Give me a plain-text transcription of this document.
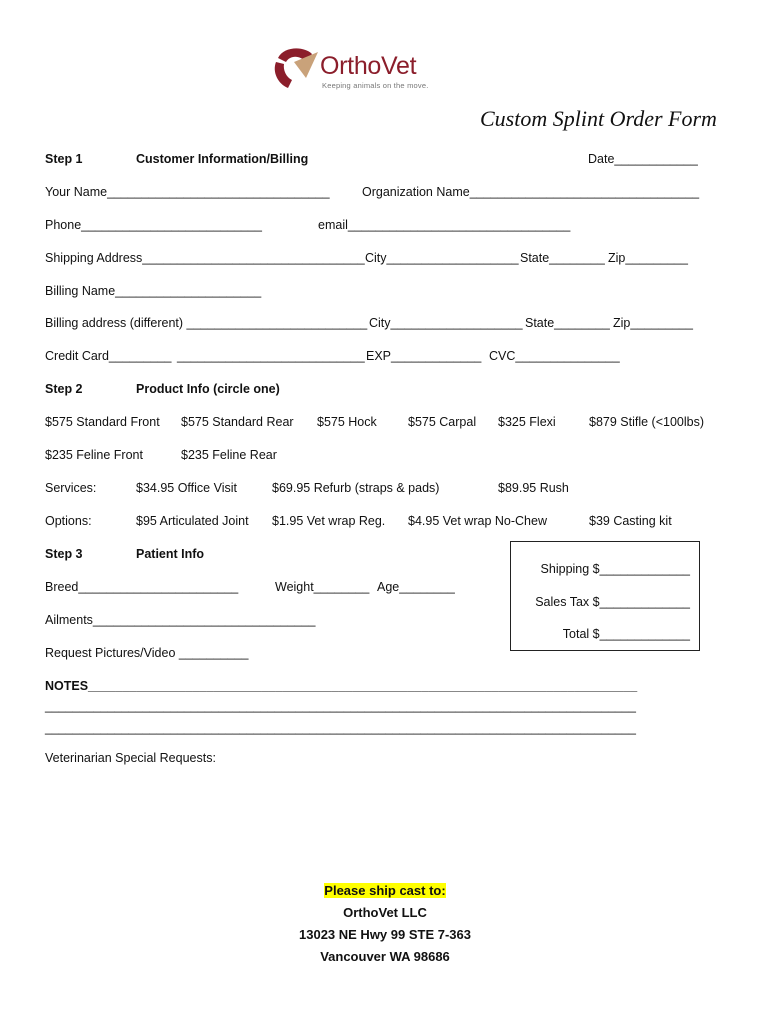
OrthoVet
Keeping animals on the move.
Custom Splint Order Form
Step 1	Customer Information/Billing	Date____________
Your Name________________________________	Organization Name_________________________________
Phone__________________________	email________________________________
Shipping Address________________________________ City___________________ State________ Zip_________
Billing Name_____________________
Billing address (different) __________________________ City___________________ State________ Zip_________
Credit Card_________ ___________________________ EXP_____________ CVC_______________
Step 2	Product Info (circle one)
$575 Standard Front $575 Standard Rear $575 Hock $575 Carpal $325 Flexi	$879 Stifle (<100lbs)
$235 Feline Front	$235 Feline Rear
Services:	$34.95 Office Visit	$69.95 Refurb (straps & pads)	$89.95 Rush
Options:	$95 Articulated Joint $1.95 Vet wrap Reg. $4.95 Vet wrap No-Chew	$39 Casting kit
Step 3	Patient Info
Breed_______________________	Weight________ Age________
Ailments________________________________
Request Pictures/Video __________
Shipping $_____________
Sales Tax $_____________
Total $_____________
NOTES_______________________________________________________________________________
_____________________________________________________________________________________
_____________________________________________________________________________________
Veterinarian Special Requests:
Please ship cast to:
OrthoVet LLC
13023 NE Hwy 99 STE 7-363
Vancouver WA 98686
